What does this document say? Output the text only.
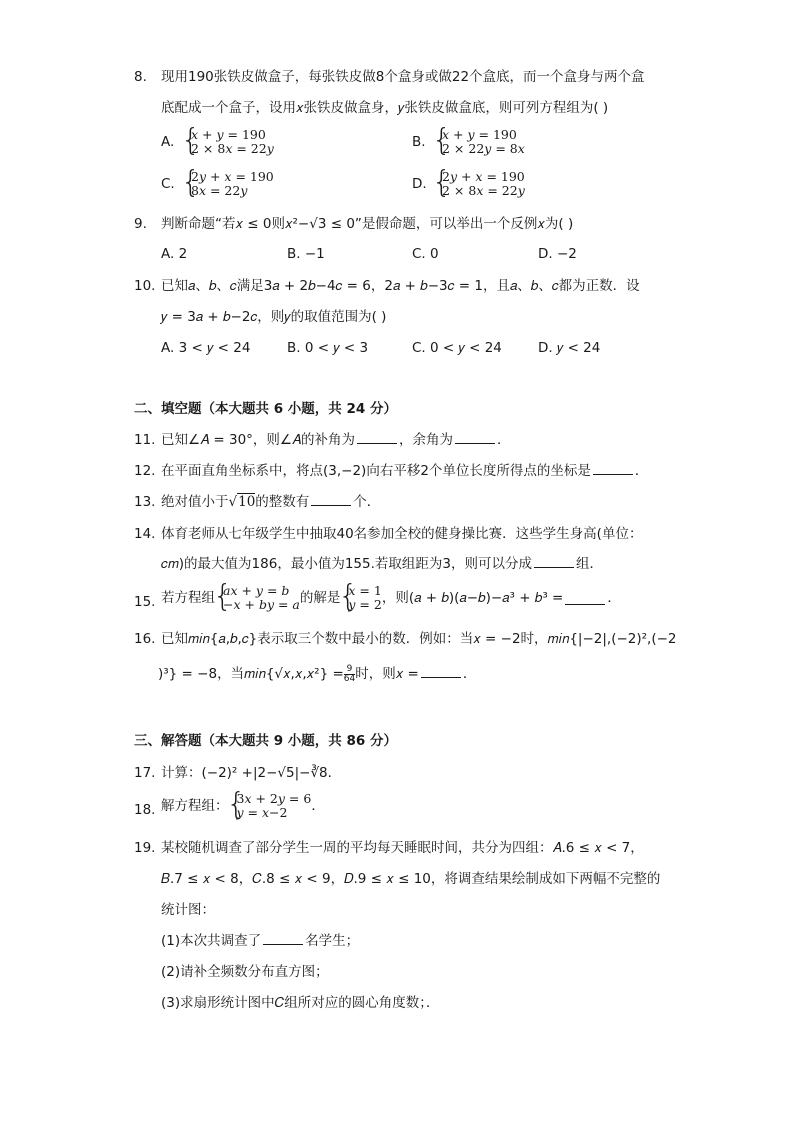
8. 现用190张铁皮做盒子，每张铁皮做8个盒身或做22个盒底，而一个盒身与两个盒
底配成一个盒子，设用𝑥张铁皮做盒身，𝑦张铁皮做盒底，则可列方程组为( )
A. { 𝑥 + 𝑦 = 190
2 × 8𝑥 = 22𝑦	B. { 𝑥 + 𝑦 = 190
2 × 22𝑦 = 8𝑥
C. { 2𝑦 + 𝑥 = 190
8𝑥 = 22𝑦	D. { 2𝑦 + 𝑥 = 190
2 × 8𝑥 = 22𝑦
9. 判断命题“若𝑥 ≤ 0则𝑥²−√3 ≤ 0”是假命题，可以举出一个反例𝑥为( )
A. 2	B. −1	C. 0	D. −2
10. 已知𝑎、𝑏、𝑐满足3𝑎 + 2𝑏−4𝑐 = 6，2𝑎 + 𝑏−3𝑐 = 1，且𝑎、𝑏、𝑐都为正数．设
𝑦 = 3𝑎 + 𝑏−2𝑐，则𝑦的取值范围为( )
A. 3 < 𝑦 < 24	B. 0 < 𝑦 < 3	C. 0 < 𝑦 < 24	D. 𝑦 < 24
二、填空题（本大题共 6 小题，共 24 分）
11. 已知∠𝐴 = 30°，则∠𝐴的补角为	，余角为	．
12. 在平面直角坐标系中，将点(3,−2)向右平移2个单位长度所得点的坐标是	．
13. 绝对值小于√10的整数有	个．
14. 体育老师从七年级学生中抽取40名参加全校的健身操比赛．这些学生身高(单位：
𝑐𝑚)的最大值为186，最小值为155.若取组距为3，则可以分成	组．
15. 若方程组 { 𝑎𝑥 + 𝑦 = 𝑏
−𝑥 + 𝑏𝑦 = 𝑎 的解是 { 𝑥 = 1
𝑦 = 2 ，则(𝑎 + 𝑏)(𝑎−𝑏)−𝑎³ + 𝑏³ =	．
16. 已知𝑚𝑖𝑛{𝑎,𝑏,𝑐}表示取三个数中最小的数．例如：当𝑥 = −2时，𝑚𝑖𝑛{|−2|,(−2)²,(−2
)³} = −8，当𝑚𝑖𝑛{√𝑥,𝑥,𝑥²} = $\frac{9}{64}$ 时，则𝑥 =	．
三、解答题（本大题共 9 小题，共 86 分）
17. 计算：(−2)² +|2−√5|−∛8．
18. 解方程组： { 3𝑥 + 2𝑦 = 6
𝑦 = 𝑥−2	．
19. 某校随机调查了部分学生一周的平均每天睡眠时间，共分为四组：𝐴.6 ≤ 𝑥 < 7，
𝐵.7 ≤ 𝑥 < 8，𝐶.8 ≤ 𝑥 < 9，𝐷.9 ≤ 𝑥 ≤ 10，将调查结果绘制成如下两幅不完整的
统计图：
(1)本次共调查了	名学生；
(2)请补全频数分布直方图；
(3)求扇形统计图中𝐶组所对应的圆心角度数；．
